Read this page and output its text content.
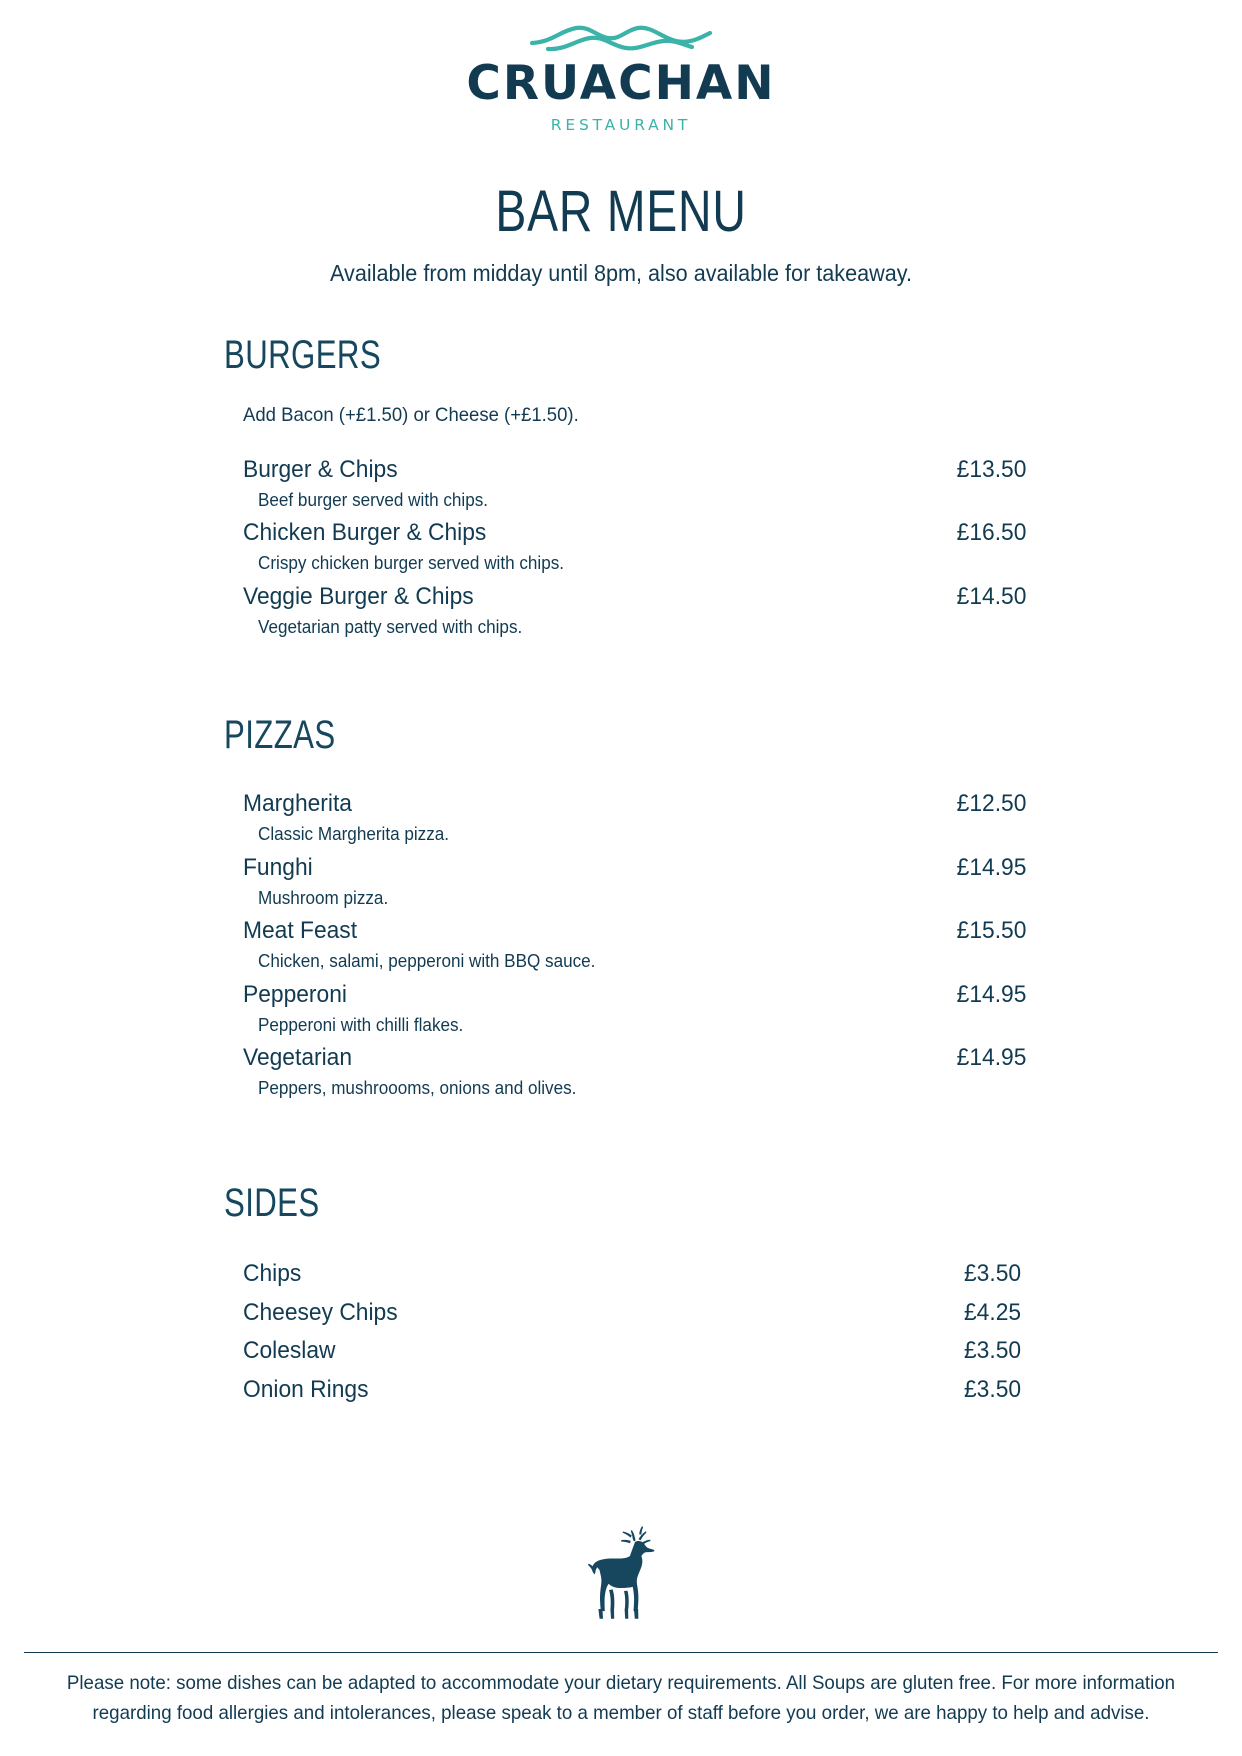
CRUACHAN
RESTAURANT
BAR MENU
Available from midday until 8pm, also available for takeaway.
BURGERS
Add Bacon (+£1.50) or Cheese (+£1.50).
Burger & Chips	£13.50
Beef burger served with chips.
Chicken Burger & Chips	£16.50
Crispy chicken burger served with chips.
Veggie Burger & Chips	£14.50
Vegetarian patty served with chips.
PIZZAS
Margherita	£12.50
Classic Margherita pizza.
Funghi	£14.95
Mushroom pizza.
Meat Feast	£15.50
Chicken, salami, pepperoni with BBQ sauce.
Pepperoni	£14.95
Pepperoni with chilli flakes.
Vegetarian	£14.95
Peppers, mushroooms, onions and olives.
SIDES
Chips	£3.50
Cheesey Chips	£4.25
Coleslaw	£3.50
Onion Rings	£3.50
Please note: some dishes can be adapted to accommodate your dietary requirements. All Soups are gluten free. For more information
regarding food allergies and intolerances, please speak to a member of staff before you order, we are happy to help and advise.
